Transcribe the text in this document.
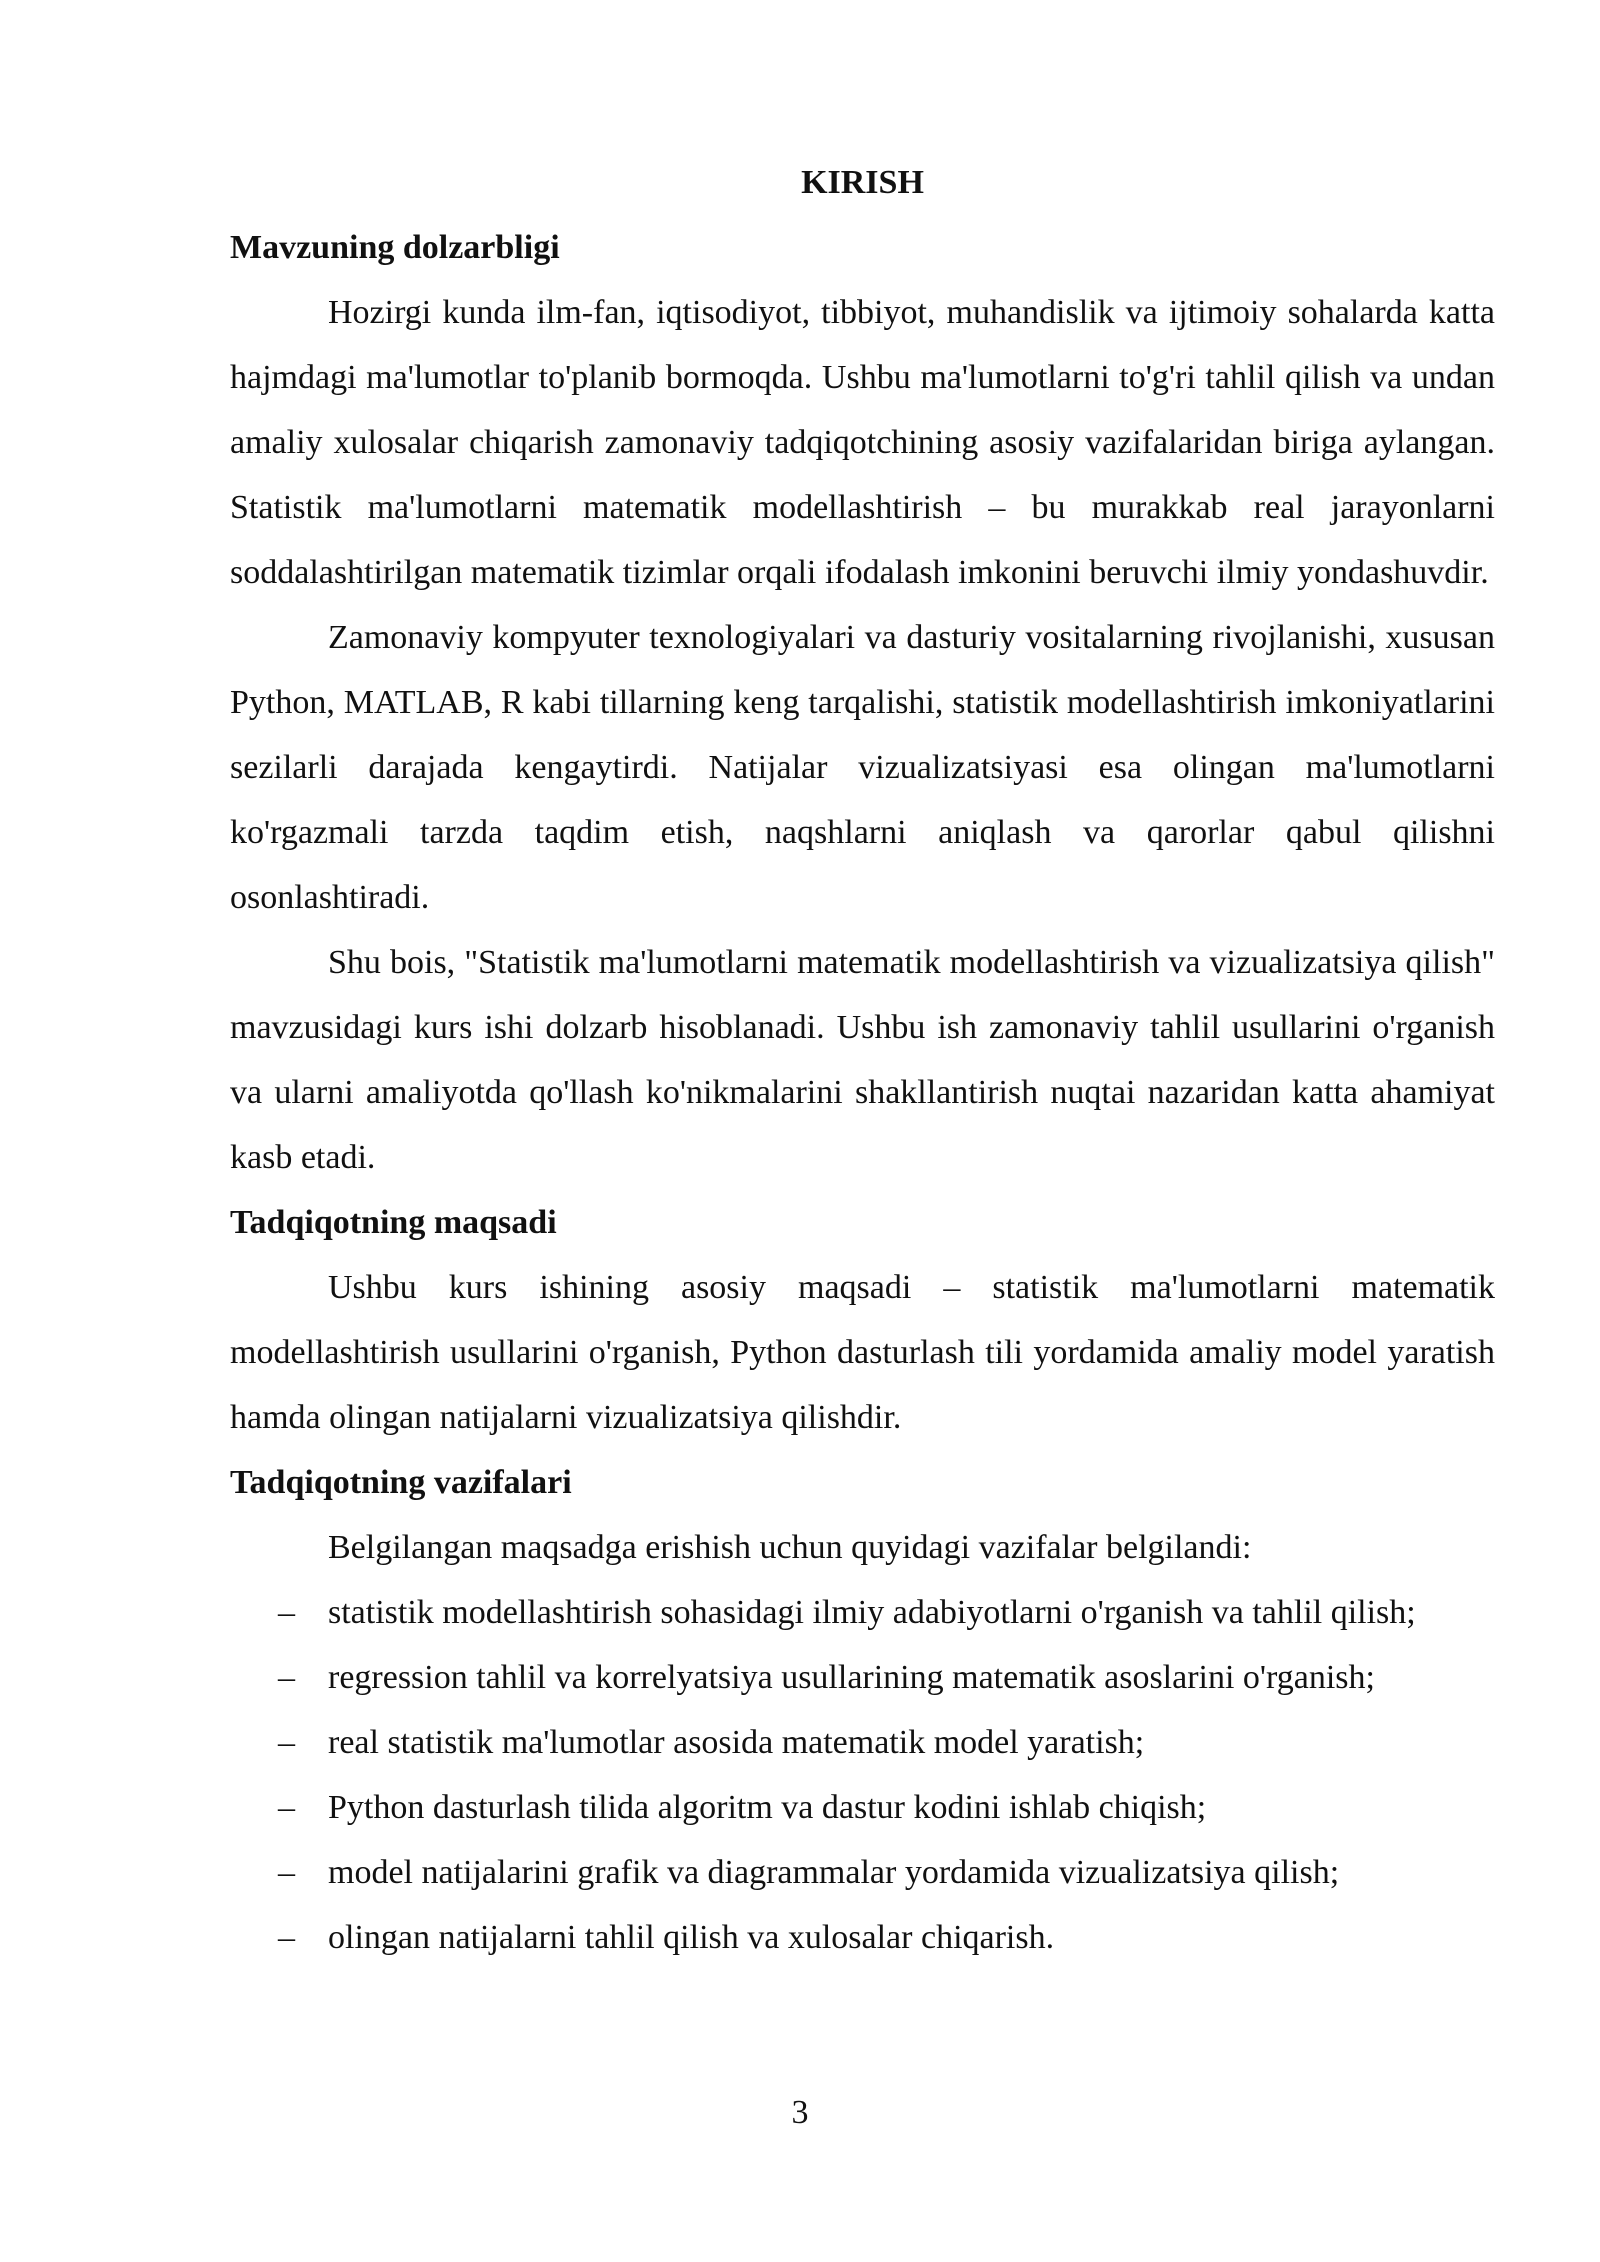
KIRISH
Mavzuning dolzarbligi

Hozirgi kunda ilm-fan, iqtisodiyot, tibbiyot, muhandislik va ijtimoiy sohalarda katta hajmdagi ma'lumotlar to'planib bormoqda. Ushbu ma'lumotlarni to'g'ri tahlil qilish va undan amaliy xulosalar chiqarish zamonaviy tadqiqotchining asosiy vazifalaridan biriga aylangan. Statistik ma'lumotlarni matematik modellashtirish – bu murakkab real jarayonlarni soddalashtirilgan matematik tizimlar orqali ifodalash imkonini beruvchi ilmiy yondashuvdir.

Zamonaviy kompyuter texnologiyalari va dasturiy vositalarning rivojlanishi, xususan Python, MATLAB, R kabi tillarning keng tarqalishi, statistik modellashtirish imkoniyatlarini sezilarli darajada kengaytirdi. Natijalar vizualizatsiyasi esa olingan ma'lumotlarni ko'rgazmali tarzda taqdim etish, naqshlarni aniqlash va qarorlar qabul qilishni osonlashtiradi.

Shu bois, "Statistik ma'lumotlarni matematik modellashtirish va vizualizatsiya qilish" mavzusidagi kurs ishi dolzarb hisoblanadi. Ushbu ish zamonaviy tahlil usullarini o'rganish va ularni amaliyotda qo'llash ko'nikmalarini shakllantirish nuqtai nazaridan katta ahamiyat kasb etadi.

Tadqiqotning maqsadi

Ushbu kurs ishining asosiy maqsadi – statistik ma'lumotlarni matematik modellashtirish usullarini o'rganish, Python dasturlash tili yordamida amaliy model yaratish hamda olingan natijalarni vizualizatsiya qilishdir.

Tadqiqotning vazifalari

Belgilangan maqsadga erishish uchun quyidagi vazifalar belgilandi:

– statistik modellashtirish sohasidagi ilmiy adabiyotlarni o'rganish va tahlil qilish;
– regression tahlil va korrelyatsiya usullarining matematik asoslarini o'rganish;
– real statistik ma'lumotlar asosida matematik model yaratish;
– Python dasturlash tilida algoritm va dastur kodini ishlab chiqish;
– model natijalarini grafik va diagrammalar yordamida vizualizatsiya qilish;
– olingan natijalarni tahlil qilish va xulosalar chiqarish.
3
